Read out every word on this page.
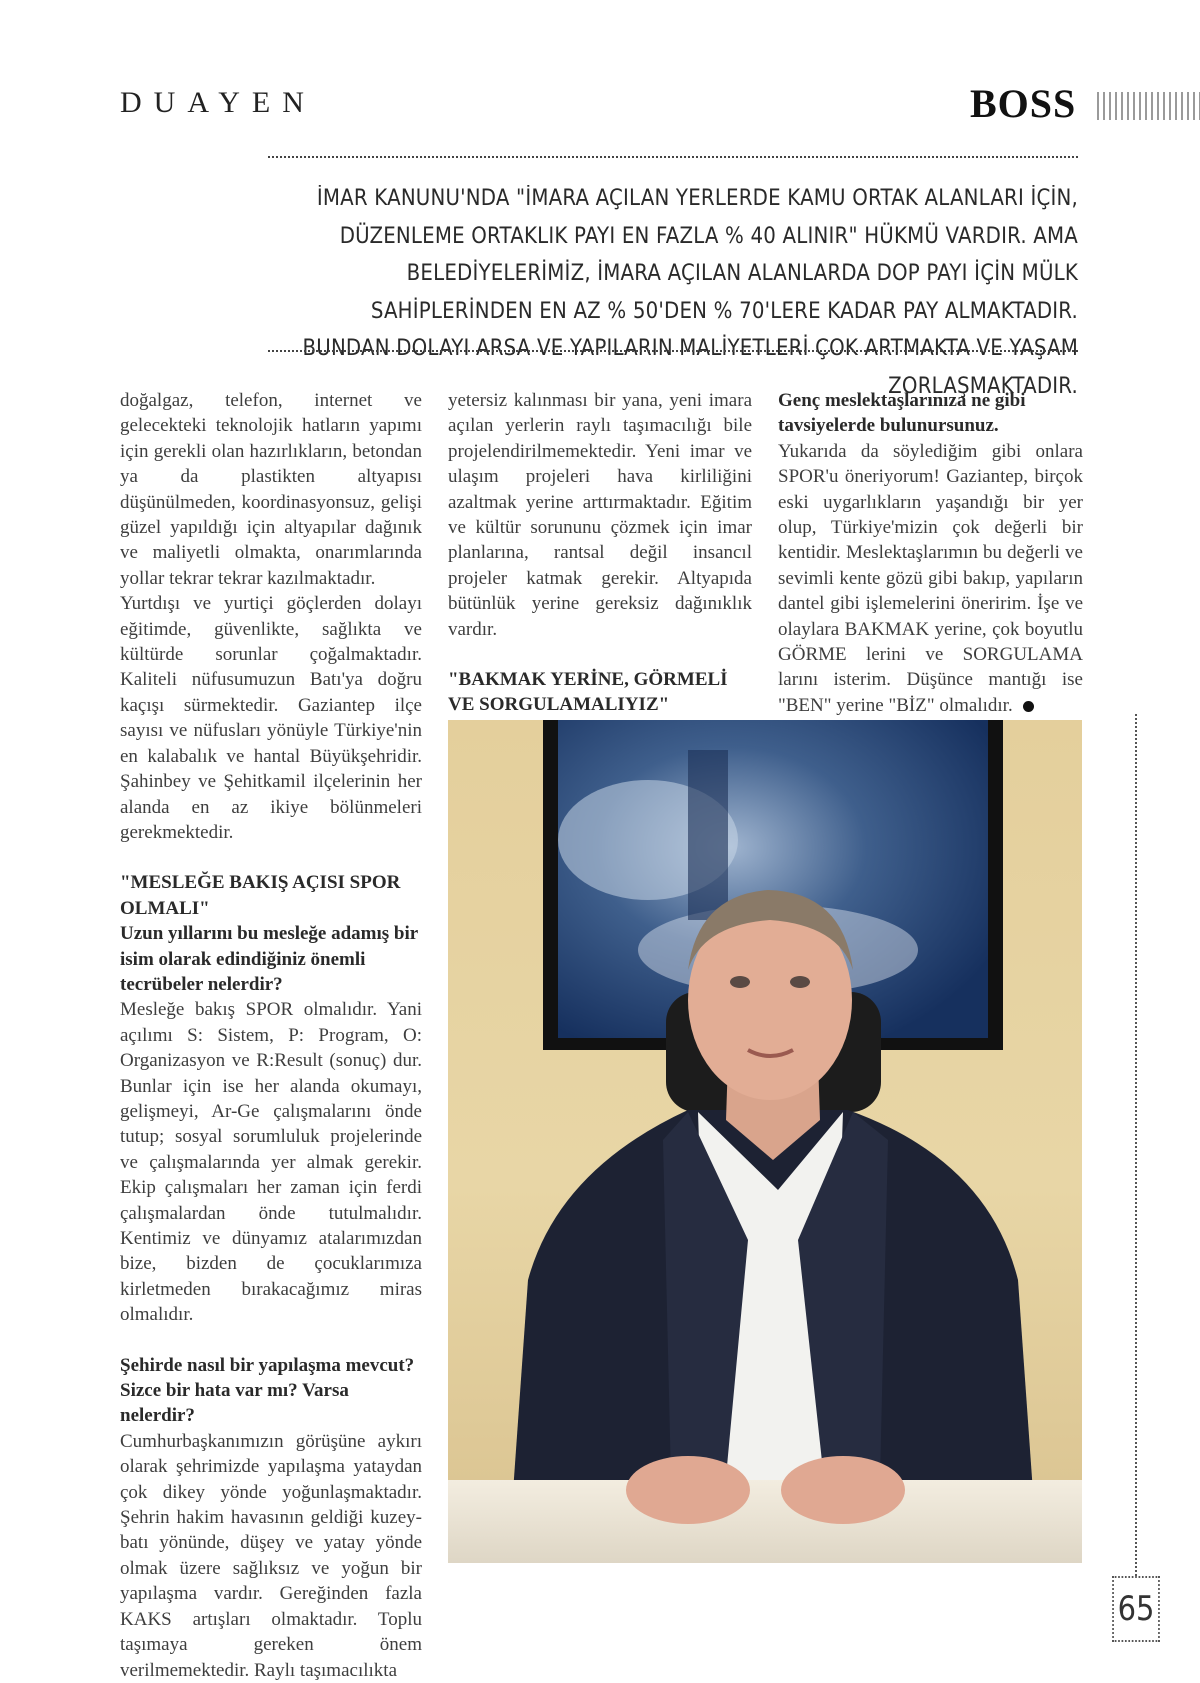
DUAYEN	BOSS
İMAR KANUNU'NDA "İMARA AÇILAN YERLERDE KAMU ORTAK ALANLARI İÇİN, DÜZENLEME ORTAKLIK PAYI EN FAZLA % 40 ALINIR" HÜKMÜ VARDIR. AMA BELEDİYELERİMİZ, İMARA AÇILAN ALANLARDA DOP PAYI İÇİN MÜLK SAHİPLERİNDEN EN AZ % 50'DEN % 70'LERE KADAR PAY ALMAKTADIR. BUNDAN DOLAYI ARSA VE YAPILARIN MALİYETLERİ ÇOK ARTMAKTA VE YAŞAM ZORLAŞMAKTADIR.

doğalgaz, telefon, internet ve gelecekteki teknolojik hatların yapımı için gerekli olan hazırlıkların, betondan ya da plastikten altyapısı düşünülmeden, koordinasyonsuz, gelişi güzel yapıldığı için altyapılar dağınık ve maliyetli olmakta, onarımlarında yollar tekrar tekrar kazılmaktadır.

Yurtdışı ve yurtiçi göçlerden dolayı eğitimde, güvenlikte, sağlıkta ve kültürde sorunlar çoğalmaktadır. Kaliteli nüfusumuzun Batı'ya doğru kaçışı sürmektedir. Gaziantep ilçe sayısı ve nüfusları yönüyle Türkiye'nin en kalabalık ve hantal Büyükşehridir. Şahinbey ve Şehitkamil ilçelerinin her alanda en az ikiye bölünmeleri gerekmektedir.

"MESLEĞE BAKIŞ AÇISI SPOR OLMALI"

Uzun yıllarını bu mesleğe adamış bir isim olarak edindiğiniz önemli tecrübeler nelerdir?

Mesleğe bakış SPOR olmalıdır. Yani açılımı S: Sistem, P: Program, O: Organizasyon ve R:Result (sonuç) dur. Bunlar için ise her alanda okumayı, gelişmeyi, Ar-Ge çalışmalarını önde tutup; sosyal sorumluluk projelerinde ve çalışmalarında yer almak gerekir. Ekip çalışmaları her zaman için ferdi çalışmalardan önde tutulmalıdır. Kentimiz ve dünyamız atalarımızdan bize, bizden de çocuklarımıza kirletmeden bırakacağımız miras olmalıdır.

Şehirde nasıl bir yapılaşma mevcut? Sizce bir hata var mı? Varsa nelerdir?

Cumhurbaşkanımızın görüşüne aykırı olarak şehrimizde yapılaşma yataydan çok dikey yönde yoğunlaşmaktadır. Şehrin hakim havasının geldiği kuzey-batı yönünde, düşey ve yatay yönde olmak üzere sağlıksız ve yoğun bir yapılaşma vardır. Gereğinden fazla KAKS artışları olmaktadır. Toplu taşımaya gereken önem verilmemektedir. Raylı taşımacılıkta

yetersiz kalınması bir yana, yeni imara açılan yerlerin raylı taşımacılığı bile projelendirilmemektedir. Yeni imar ve ulaşım projeleri hava kirliliğini azaltmak yerine arttırmaktadır. Eğitim ve kültür sorununu çözmek için imar planlarına, rantsal değil insancıl projeler katmak gerekir. Altyapıda bütünlük yerine gereksiz dağınıklık vardır.

"BAKMAK YERİNE, GÖRMELİ VE SORGULAMALIYIZ"

Genç meslektaşlarınıza ne gibi tavsiyelerde bulunursunuz.

Yukarıda da söylediğim gibi onlara SPOR'u öneriyorum! Gaziantep, birçok eski uygarlıkların yaşandığı bir yer olup, Türkiye'mizin çok değerli bir kentidir. Meslektaşlarımın bu değerli ve sevimli kente gözü gibi bakıp, yapıların dantel gibi işlemelerini öneririm. İşe ve olaylara BAKMAK yerine, çok boyutlu GÖRME lerini ve SORGULAMA larını isterim. Düşünce mantığı ise "BEN" yerine "BİZ" olmalıdır.

65
